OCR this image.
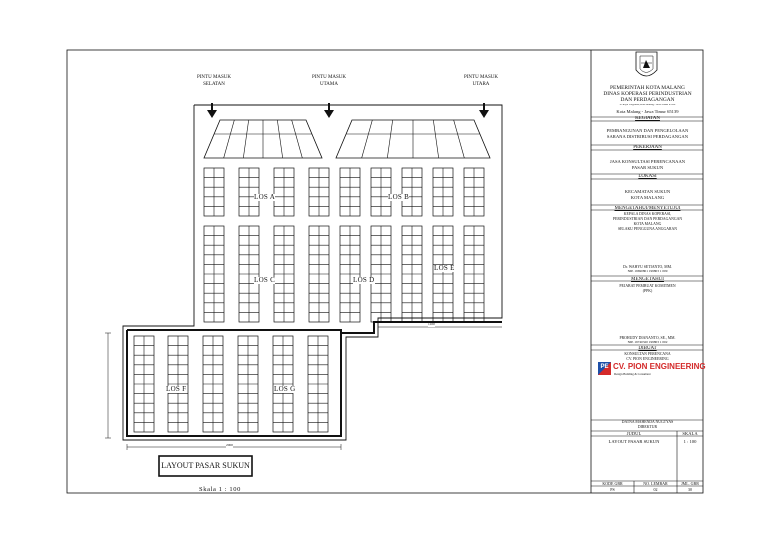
PINTU MASUK
SELATAN
PINTU MASUK
UTAMA
PINTU MASUK
UTARA
LOS A	LOS B
LOS C	LOS D
LOS E
LOS F	LOS G
1100
2000
LAYOUT PASAR SUKUN
Skala 1 : 100
PEMERINTAH KOTA MALANG
DINAS KOPERASI PERINDUSTRIAN
DAN PERDAGANGAN
Jl. Raya Tlogomas, Kota Malang - Jawa Timur 65139
Kota Malang - Jawa Timur 65139
KEGIATAN
PEMBANGUNAN DAN PENGELOLAAN
SARANA DISTRIBUSI PERDAGANGAN
PEKERJAAN
JASA KONSULTASI PERENCANAAN
PASAR SUKUN
LOKASI
KECAMATAN SUKUN
KOTA MALANG
MENGETAHUI/MENYETUJUI
KEPALA DINAS KOPERASI,
PERINDUSTRIAN DAN PERDAGANGAN
KOTA MALANG
SELAKU PENGGUNA ANGGARAN
Dr. WAHYU SETIANTO, MM.
NIP. 19690801 199803 1 009
MENGETAHUI
PEJABAT PEMBUAT KOMITMEN
(PPK)
PROHUDY DIANANTO, SE., MM.
NIP. 19740320 199803 1 002
DIBUAT
KONSULTAN PERENCANA
CV. PION ENGINEERING
PE CV. PION ENGINEERING
Design Building & Consultant
DATNA MAHENDA NUGTYAS
DIREKTUR
JUDUL	SKALA
LAYOUT PASAR SUKUN	1 : 100
KODE GBR	NO. LEMBAR	JML. GBR
PS	02	30
